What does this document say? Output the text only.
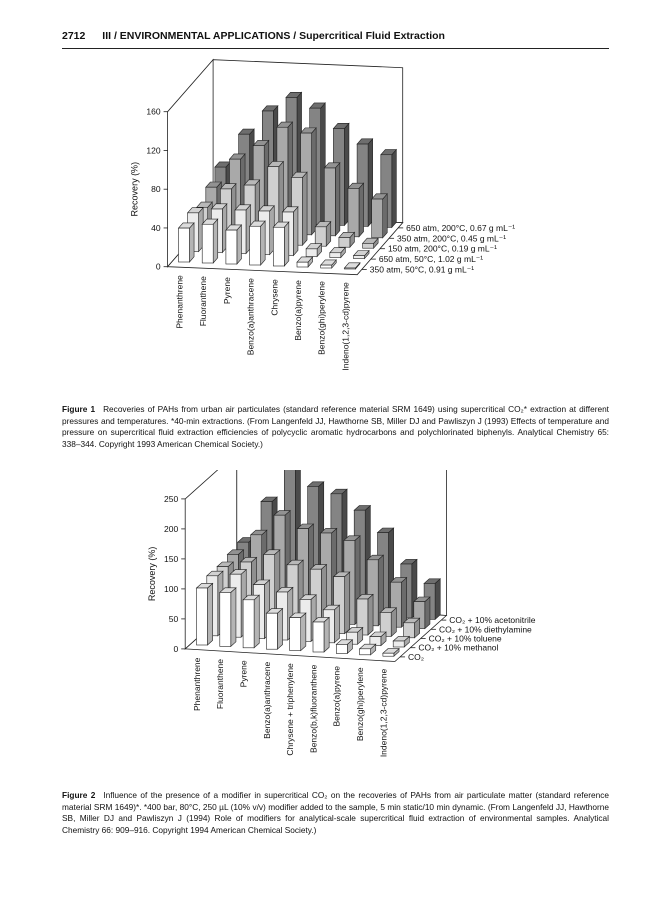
2712 III / ENVIRONMENTAL APPLICATIONS / Supercritical Fluid Extraction
0
40
80
120
160
Recovery (%)
Phenanthrene Fluoranthene Pyrene Benzo(a)anthracene Chrysene Benzo(a)pyrene Benzo(ghi)perylene Indeno(1,2,3-cd)pyrene
350 atm, 50°C, 0.91 g mL⁻¹
650 atm, 50°C, 1.02 g mL⁻¹
150 atm, 200°C, 0.19 g mL⁻¹
350 atm, 200°C, 0.45 g mL⁻¹
650 atm, 200°C, 0.67 g mL⁻¹
Figure 1 Recoveries of PAHs from urban air particulates (standard reference material SRM 1649) using supercritical CO₂* extraction at different pressures and temperatures. *40-min extractions. (From Langenfeld JJ, Hawthorne SB, Miller DJ and Pawliszyn J (1993) Effects of temperature and pressure on supercritical fluid extraction efficiencies of polycyclic aromatic hydrocarbons and polychlorinated biphenyls. Analytical Chemistry 65: 338–344. Copyright 1993 American Chemical Society.)
0
50
100
150
200
250
Recovery (%)
Phenanthrene Fluoranthene Pyrene Benzo(a)anthracene Chrysene + triphenylene Benzo(b,k)fluoranthene Benzo(a)pyrene Benzo(ghi)perylene Indeno(1,2,3-cd)pyrene
CO₂
CO₂ + 10% methanol
CO₂ + 10% toluene
CO₂ + 10% diethylamine
CO₂ + 10% acetonitrile
Figure 2 Influence of the presence of a modifier in supercritical CO₂ on the recoveries of PAHs from air particulate matter (standard reference material SRM 1649)*. *400 bar, 80°C, 250 µL (10% v/v) modifier added to the sample, 5 min static/10 min dynamic. (From Langenfeld JJ, Hawthorne SB, Miller DJ and Pawliszyn J (1994) Role of modifiers for analytical-scale supercritical fluid extraction of environmental samples. Analytical Chemistry 66: 909–916. Copyright 1994 American Chemical Society.)
